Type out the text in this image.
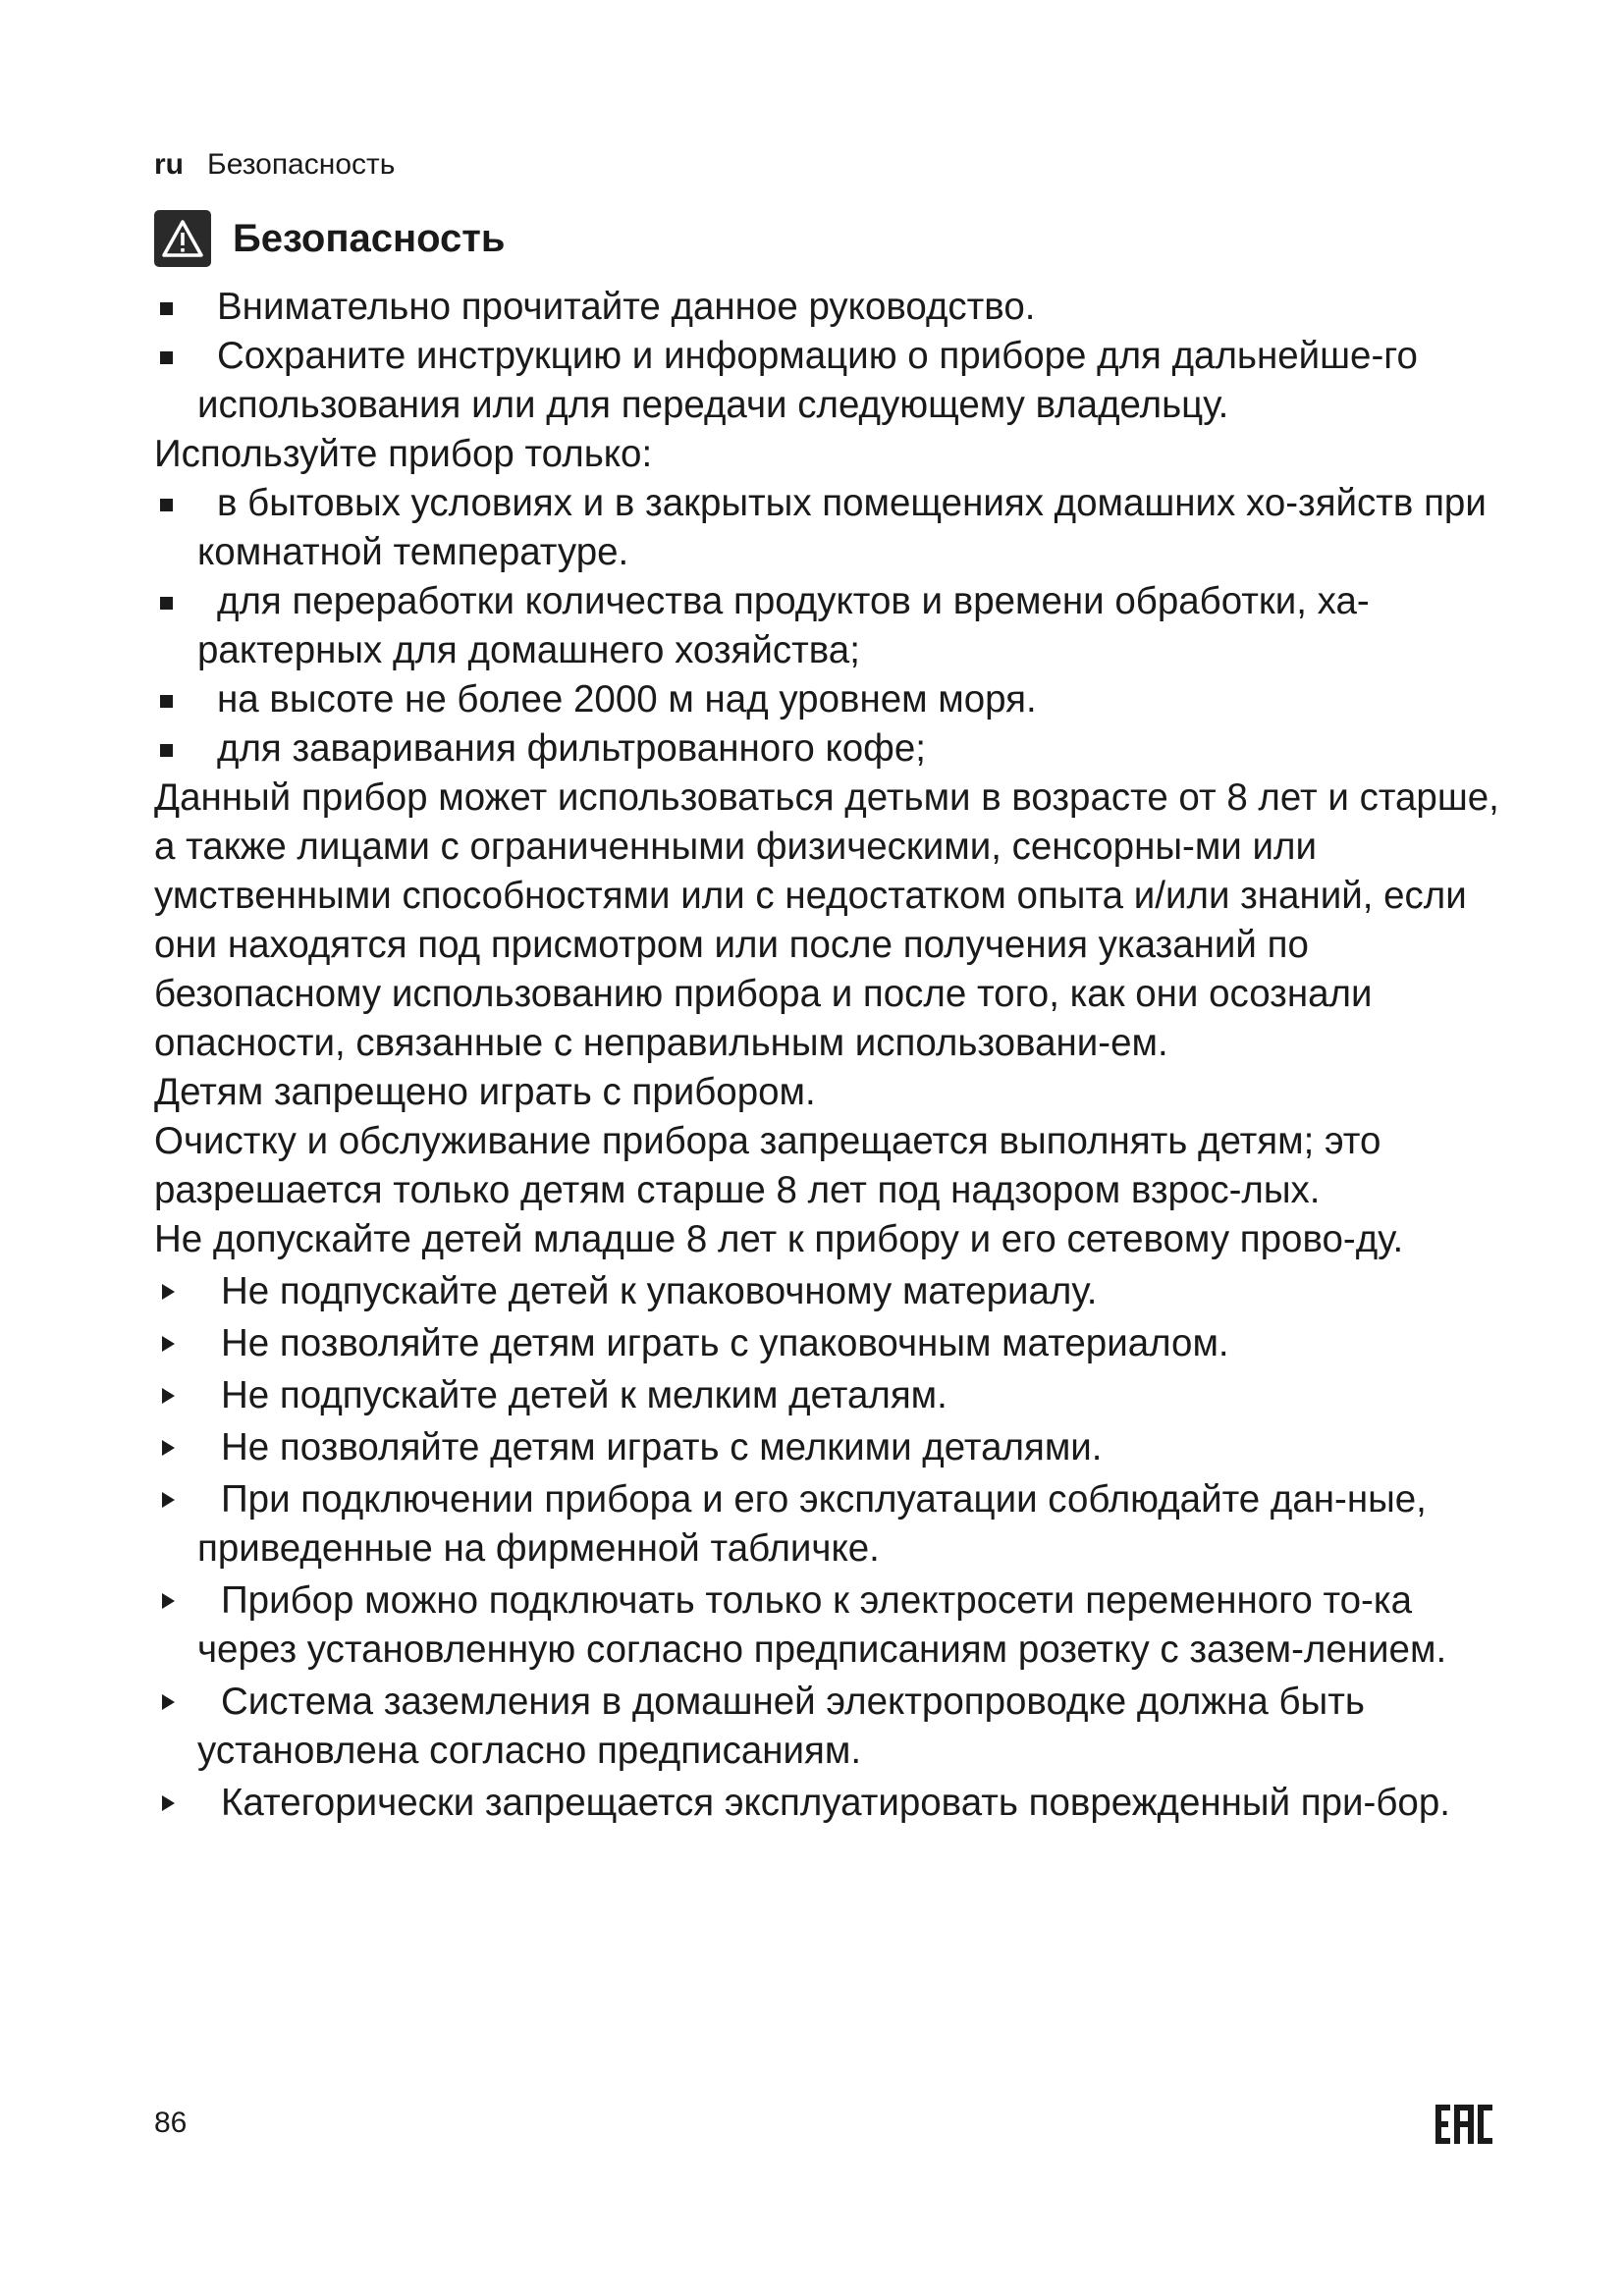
ru Безопасность
Безопасность
Внимательно прочитайте данное руководство.
Сохраните инструкцию и информацию о приборе для дальнейше-го использования или для передачи следующему владельцу.

Используйте прибор только:

в бытовых условиях и в закрытых помещениях домашних хо-зяйств при комнатной температуре.
для переработки количества продуктов и времени обработки, ха-рактерных для домашнего хозяйства;
на высоте не более 2000 м над уровнем моря.
для заваривания фильтрованного кофе;

Данный прибор может использоваться детьми в возрасте от 8 лет и старше, а также лицами с ограниченными физическими, сенсорны-ми или умственными способностями или с недостатком опыта и/или знаний, если они находятся под присмотром или после получения указаний по безопасному использованию прибора и после того, как они осознали опасности, связанные с неправильным использовани-ем.

Детям запрещено играть с прибором.

Очистку и обслуживание прибора запрещается выполнять детям; это разрешается только детям старше 8 лет под надзором взрос-лых.

Не допускайте детей младше 8 лет к прибору и его сетевому прово-ду.

Не подпускайте детей к упаковочному материалу.
Не позволяйте детям играть с упаковочным материалом.
Не подпускайте детей к мелким деталям.
Не позволяйте детям играть с мелкими деталями.
При подключении прибора и его эксплуатации соблюдайте дан-ные, приведенные на фирменной табличке.
Прибор можно подключать только к электросети переменного то-ка через установленную согласно предписаниям розетку с зазем-лением.
Система заземления в домашней электропроводке должна быть установлена согласно предписаниям.
Категорически запрещается эксплуатировать поврежденный при-бор.
86
